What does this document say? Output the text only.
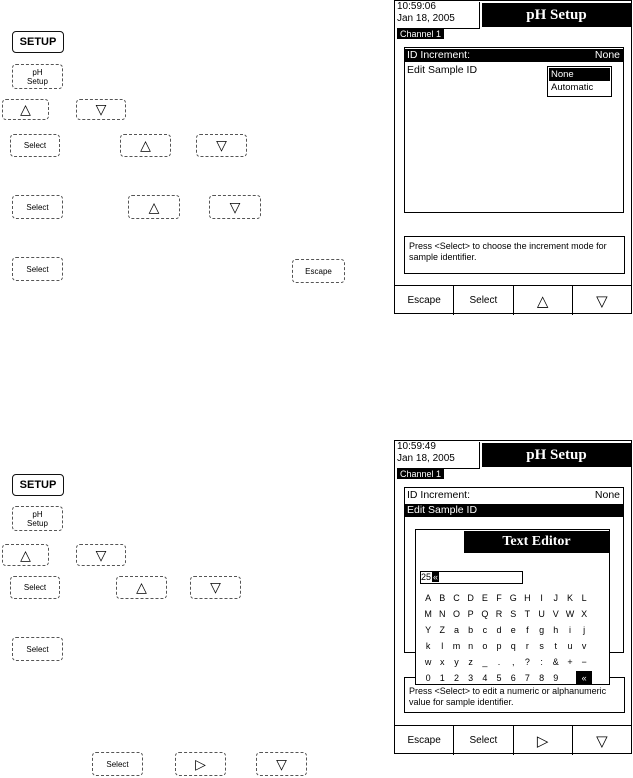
SETUP
pH
Setup
△	▽
Select	△	▽
Select	△	▽
Select	Escape
10:59:06
Jan 18, 2005	pH Setup
Channel 1
ID Increment:	None
Edit Sample ID	None
Automatic
Press <Select> to choose the increment mode for sample identifier.
Escape	Select	△	▽
SETUP
pH
Setup
△	▽
Select	△	▽
Select
Select	▷	▽
10:59:49
Jan 18, 2005	pH Setup
Channel 1
ID Increment:	None
Edit Sample ID
Press <Select> to edit a numeric or alphanumeric value for sample identifier.
Text Editor
25 «
A B C D E F G H	I	J K L
M N O P Q R S T U V W X
Y Z a	b	c	d	e	f	g	h	i	j
k	l	m n	o	p	q	r	s	t	u	v
w x	y	z	_	.	,	?	:	& + −
0	1	2	3	4	5	6	7	8	9	«
Escape	Select	▷	▽
